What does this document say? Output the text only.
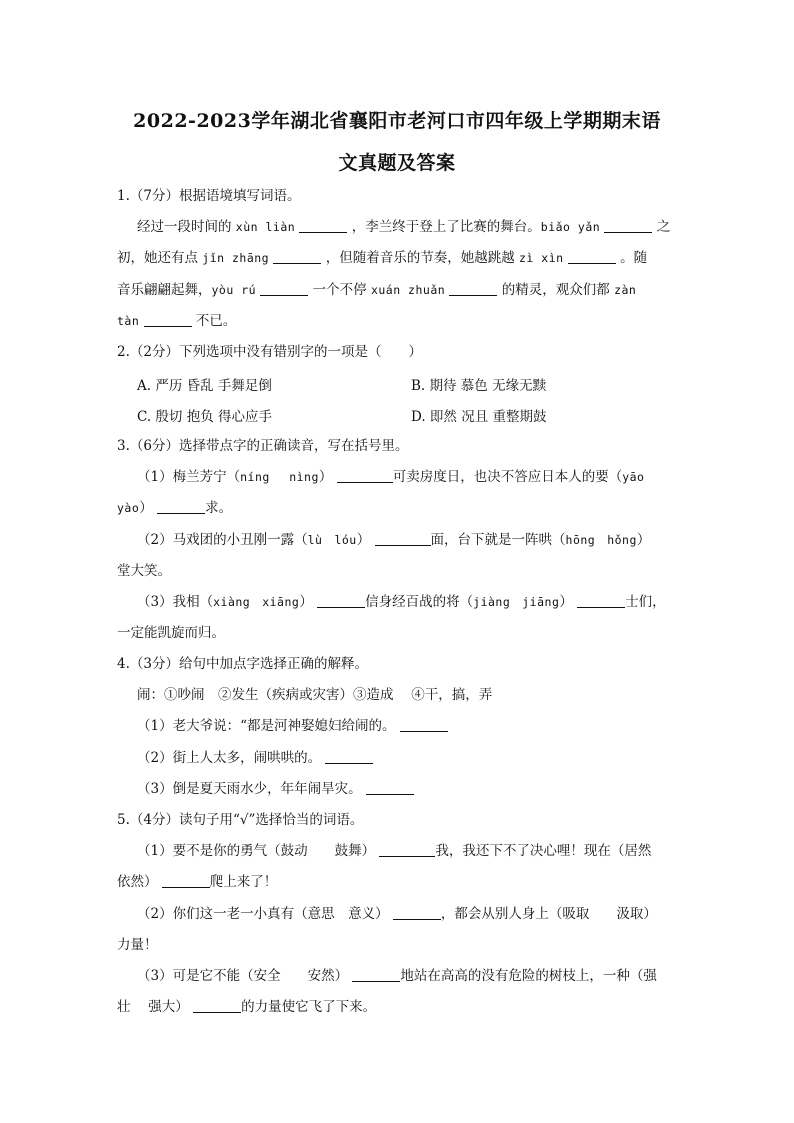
2022-2023学年湖北省襄阳市老河口市四年级上学期期末语
文真题及答案
1.（7分）根据语境填写词语。
经过一段时间的 xùn liàn	，李兰终于登上了比赛的舞台。biǎo yǎn	之
初，她还有点 jǐn zhāng	，但随着音乐的节奏，她越跳越 zì xìn	。随
音乐翩翩起舞，yòu rú	一个不停 xuán zhuǎn	的精灵，观众们都 zàn
tàn	不已。
2.（2分）下列选项中没有错别字的一项是（　　）
A. 严历 昏乱 手舞足倒	B. 期待 慕色 无缘无黩
C. 殷切 抱负 得心应手	D. 即然 况且 重整期鼓
3.（6分）选择带点字的正确读音，写在括号里。
（1）梅兰芳宁（níng　 nìng）	可卖房度日，也决不答应日本人的要（yāo
yào）	求。
（2）马戏团的小丑刚一露（lù　lóu）	面，台下就是一阵哄（hōng　hǒng）
堂大笑。
（3）我相（xiàng　xiāng）	信身经百战的将（jiàng　jiāng）	士们，
一定能凯旋而归。
4.（3分）给句中加点字选择正确的解释。
闹：①吵闹　②发生（疾病或灾害）③造成　 ④干，搞，弄
（1）老大爷说：“都是河神娶媳妇给闹的。
（2）街上人太多，闹哄哄的。
（3）倒是夏天雨水少，年年闹旱灾。
5.（4分）读句子用“√”选择恰当的词语。
（1）要不是你的勇气（鼓动　　鼓舞）	我，我还下不了决心哩！现在（居然
依然）	爬上来了！
（2）你们这一老一小真有（意思　意义）	，都会从别人身上（吸取　　汲取）
力量！
（3）可是它不能（安全　　安然）	地站在高高的没有危险的树枝上，一种（强
壮　 强大）	的力量使它飞了下来。
